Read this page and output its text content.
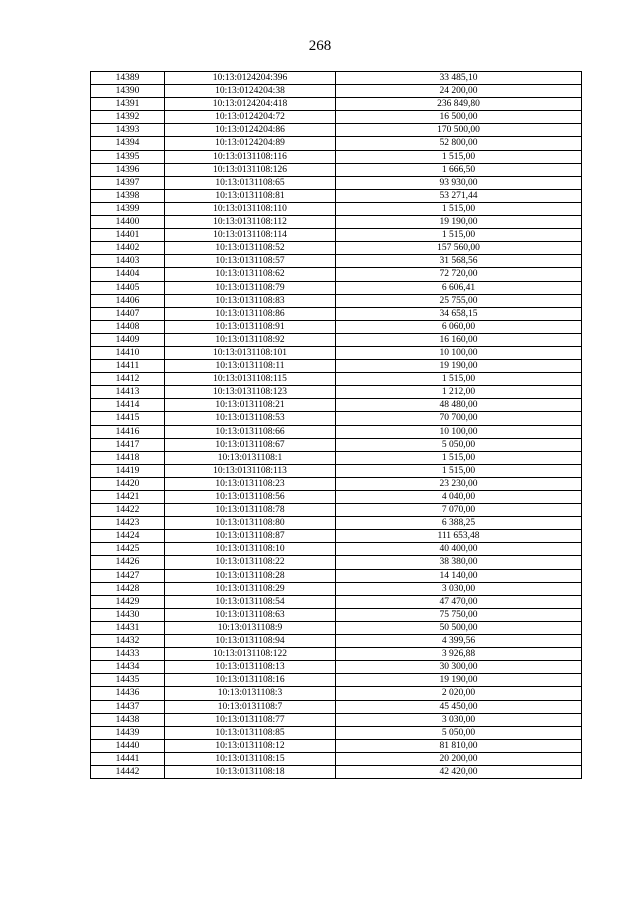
268
14389	10:13:0124204:396	33 485,10
14390	10:13:0124204:38	24 200,00
14391	10:13:0124204:418	236 849,80
14392	10:13:0124204:72	16 500,00
14393	10:13:0124204:86	170 500,00
14394	10:13:0124204:89	52 800,00
14395	10:13:0131108:116	1 515,00
14396	10:13:0131108:126	1 666,50
14397	10:13:0131108:65	93 930,00
14398	10:13:0131108:81	53 271,44
14399	10:13:0131108:110	1 515,00
14400	10:13:0131108:112	19 190,00
14401	10:13:0131108:114	1 515,00
14402	10:13:0131108:52	157 560,00
14403	10:13:0131108:57	31 568,56
14404	10:13:0131108:62	72 720,00
14405	10:13:0131108:79	6 606,41
14406	10:13:0131108:83	25 755,00
14407	10:13:0131108:86	34 658,15
14408	10:13:0131108:91	6 060,00
14409	10:13:0131108:92	16 160,00
14410	10:13:0131108:101	10 100,00
14411	10:13:0131108:11	19 190,00
14412	10:13:0131108:115	1 515,00
14413	10:13:0131108:123	1 212,00
14414	10:13:0131108:21	48 480,00
14415	10:13:0131108:53	70 700,00
14416	10:13:0131108:66	10 100,00
14417	10:13:0131108:67	5 050,00
14418	10:13:0131108:1	1 515,00
14419	10:13:0131108:113	1 515,00
14420	10:13:0131108:23	23 230,00
14421	10:13:0131108:56	4 040,00
14422	10:13:0131108:78	7 070,00
14423	10:13:0131108:80	6 388,25
14424	10:13:0131108:87	111 653,48
14425	10:13:0131108:10	40 400,00
14426	10:13:0131108:22	38 380,00
14427	10:13:0131108:28	14 140,00
14428	10:13:0131108:29	3 030,00
14429	10:13:0131108:54	47 470,00
14430	10:13:0131108:63	75 750,00
14431	10:13:0131108:9	50 500,00
14432	10:13:0131108:94	4 399,56
14433	10:13:0131108:122	3 926,88
14434	10:13:0131108:13	30 300,00
14435	10:13:0131108:16	19 190,00
14436	10:13:0131108:3	2 020,00
14437	10:13:0131108:7	45 450,00
14438	10:13:0131108:77	3 030,00
14439	10:13:0131108:85	5 050,00
14440	10:13:0131108:12	81 810,00
14441	10:13:0131108:15	20 200,00
14442	10:13:0131108:18	42 420,00
